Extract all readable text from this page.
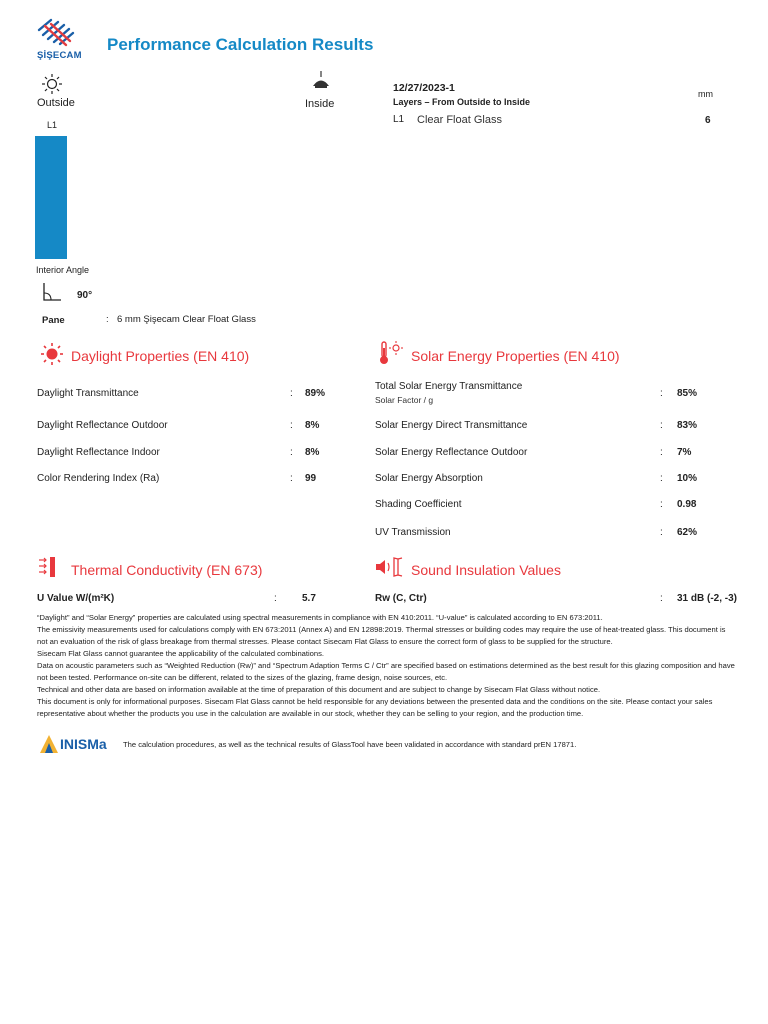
ŞİŞECAM
Performance Calculation Results
Outside
L1
Inside
Interior Angle
90°
Pane	: 6 mm Şişecam Clear Float Glass
12/27/2023-1
Layers – From Outside to Inside
mm
L1 Clear Float Glass	6
Daylight Properties (EN 410)
Daylight Transmittance	: 89%
Daylight Reflectance Outdoor	: 8%
Daylight Reflectance Indoor	: 8%
Color Rendering Index (Ra)	: 99
Solar Energy Properties (EN 410)
Total Solar Energy Transmittance
Solar Factor / g
: 85%
Solar Energy Direct Transmittance	: 83%
Solar Energy Reflectance Outdoor	: 7%
Solar Energy Absorption	: 10%
Shading Coefficient	: 0.98
UV Transmission	: 62%
Thermal Conductivity (EN 673)
U Value W/(m²K)	:	5.7
Sound Insulation Values
Rw (C, Ctr)	: 31 dB (-2, -3)

“Daylight” and “Solar Energy” properties are calculated using spectral measurements in compliance with EN 410:2011. “U-value” is calculated according to EN 673:2011.

The emissivity measurements used for calculations comply with EN 673:2011 (Annex A) and EN 12898:2019. Thermal stresses or building codes may require the use of heat-treated glass. This document is not an evaluation of the risk of glass breakage from thermal stresses. Please contact Sisecam Flat Glass to ensure the correct form of glass to be supplied for the structure.

Sisecam Flat Glass cannot guarantee the applicability of the calculated combinations.

Data on acoustic parameters such as “Weighted Reduction (Rw)” and “Spectrum Adaption Terms C / Ctr” are specified based on estimations determined as the best result for this glazing composition and have not been tested. Performance on-site can be different, related to the sizes of the glazing, frame design, noise sources, etc.

Technical and other data are based on information available at the time of preparation of this document and are subject to change by Sisecam Flat Glass without notice.

This document is only for informational purposes. Sisecam Flat Glass cannot be held responsible for any deviations between the presented data and the conditions on the site. Please contact your sales representative about whether the products you use in the calculation are available in our stock, whether they can be selling to your region, and the production time.

INISMa The calculation procedures, as well as the technical results of GlassTool have been validated in accordance with standard prEN 17871.
